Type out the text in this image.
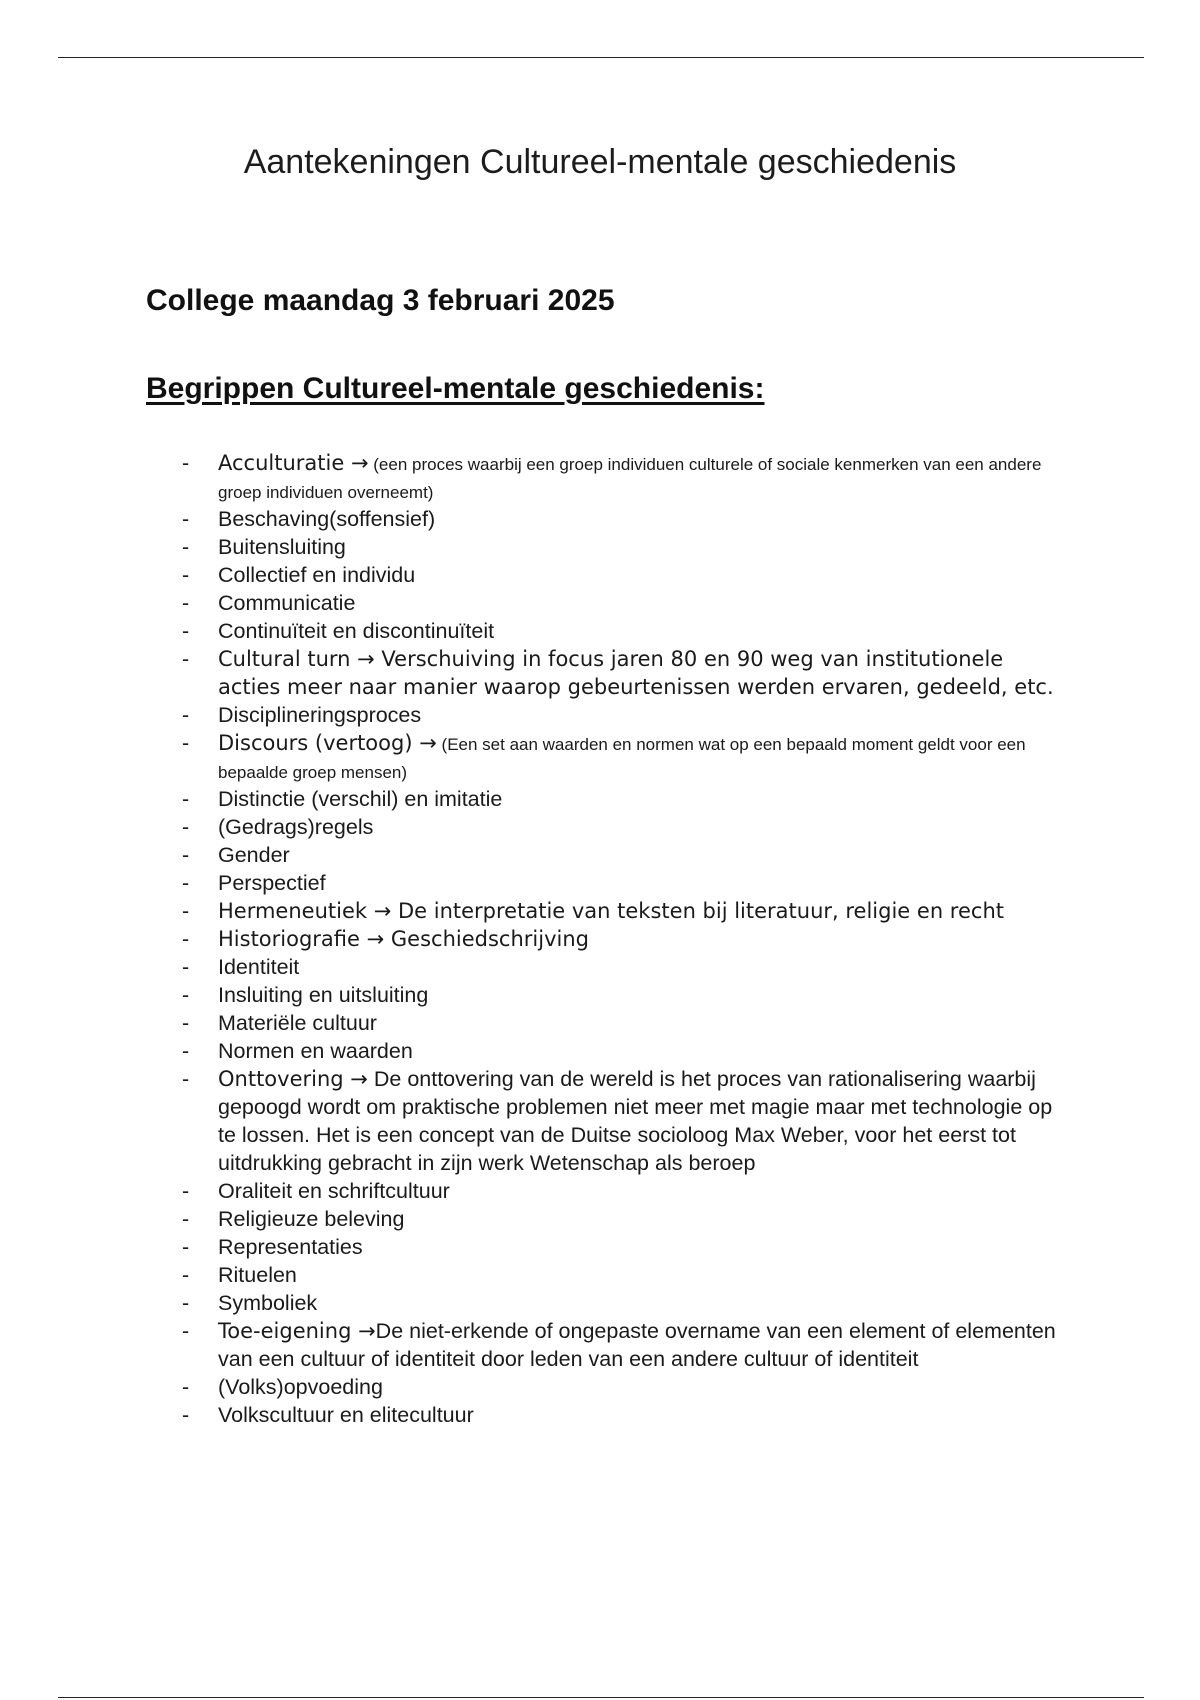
Aantekeningen Cultureel-mentale geschiedenis
College maandag 3 februari 2025
Begrippen Cultureel-mentale geschiedenis:
- Acculturatie → (een proces waarbij een groep individuen culturele of sociale kenmerken van een andere groep individuen overneemt)
- Beschaving(soffensief)
- Buitensluiting
- Collectief en individu
- Communicatie
- Continuïteit en discontinuïteit
- Cultural turn → Verschuiving in focus jaren 80 en 90 weg van institutionele acties meer naar manier waarop gebeurtenissen werden ervaren, gedeeld, etc.
- Disciplineringsproces
- Discours (vertoog) → (Een set aan waarden en normen wat op een bepaald moment geldt voor een bepaalde groep mensen)
- Distinctie (verschil) en imitatie
- (Gedrags)regels
- Gender
- Perspectief
- Hermeneutiek → De interpretatie van teksten bij literatuur, religie en recht
- Historiografie → Geschiedschrijving
- Identiteit
- Insluiting en uitsluiting
- Materiële cultuur
- Normen en waarden
- Onttovering → De onttovering van de wereld is het proces van rationalisering waarbij gepoogd wordt om praktische problemen niet meer met magie maar met technologie op te lossen. Het is een concept van de Duitse socioloog Max Weber, voor het eerst tot uitdrukking gebracht in zijn werk Wetenschap als beroep
- Oraliteit en schriftcultuur
- Religieuze beleving
- Representaties
- Rituelen
- Symboliek
- Toe-eigening →De niet-erkende of ongepaste overname van een element of elementen van een cultuur of identiteit door leden van een andere cultuur of identiteit
- (Volks)opvoeding
- Volkscultuur en elitecultuur
